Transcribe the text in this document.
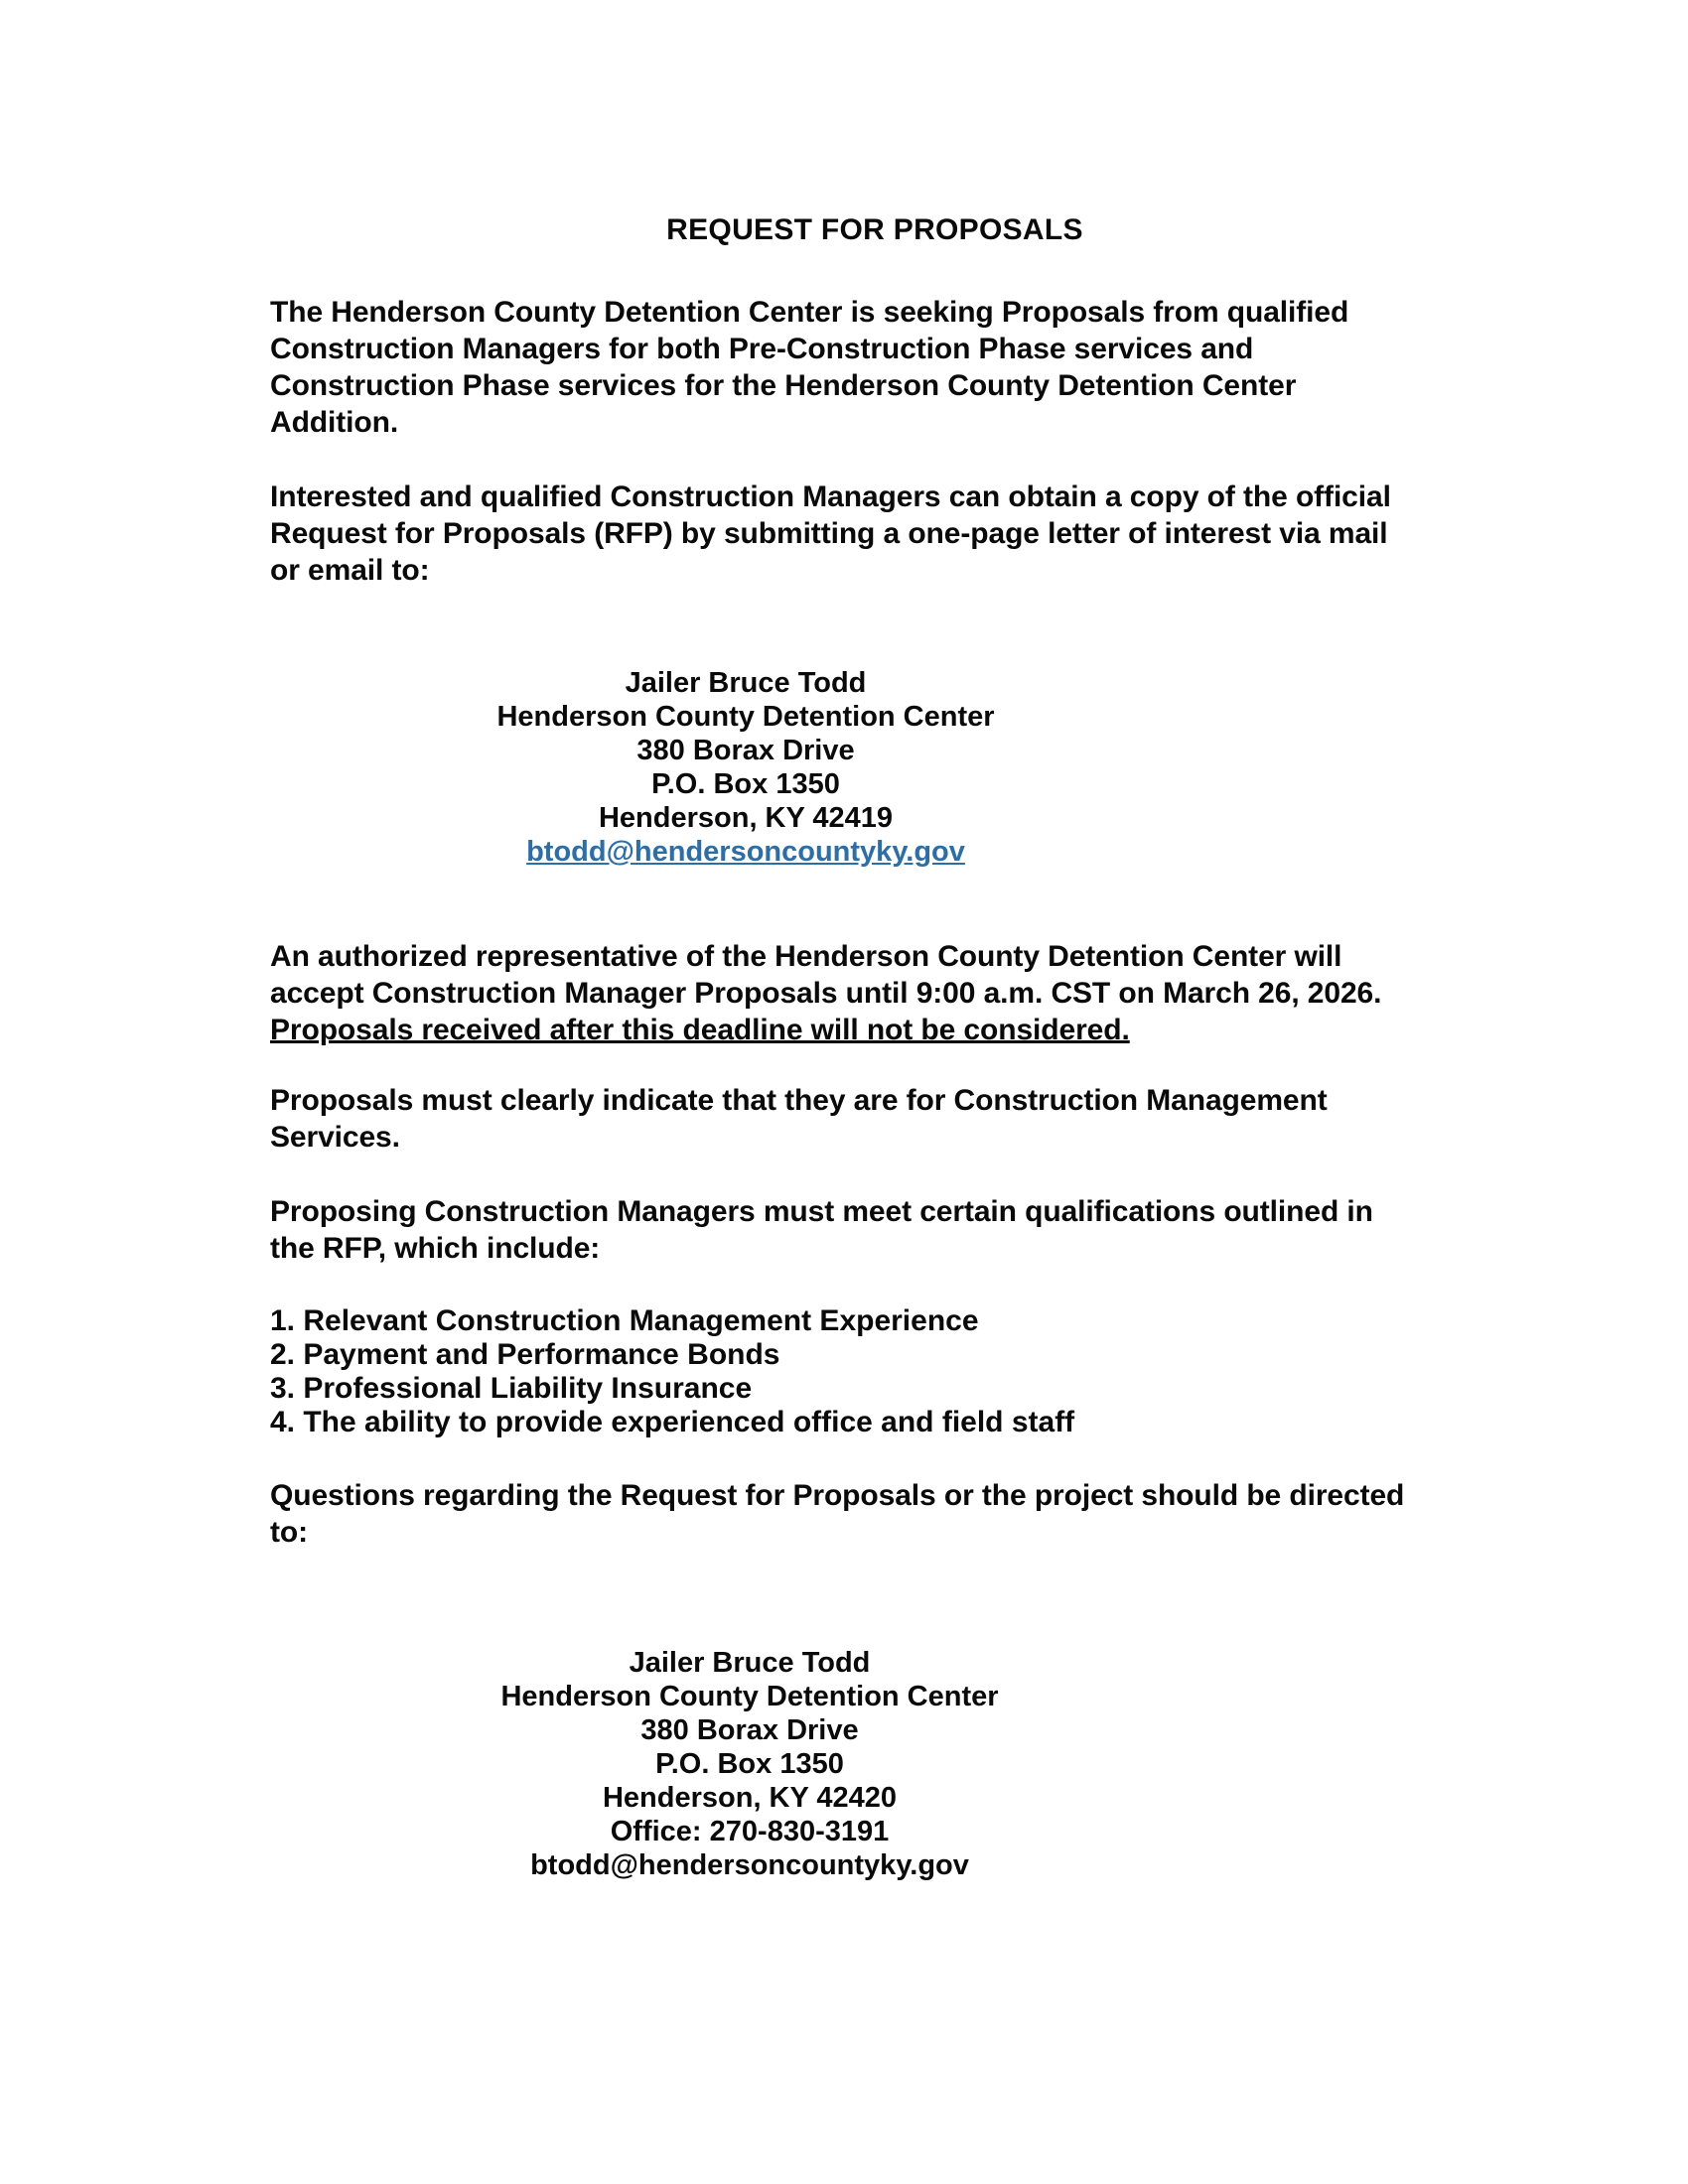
REQUEST FOR PROPOSALS

The Henderson County Detention Center is seeking Proposals from qualified Construction Managers for both Pre-Construction Phase services and Construction Phase services for the Henderson County Detention Center Addition.

Interested and qualified Construction Managers can obtain a copy of the official Request for Proposals (RFP) by submitting a one-page letter of interest via mail or email to:

Jailer Bruce Todd
Henderson County Detention Center
380 Borax Drive
P.O. Box 1350
Henderson, KY 42419
btodd@hendersoncountyky.gov

An authorized representative of the Henderson County Detention Center will accept Construction Manager Proposals until 9:00 a.m. CST on March 26, 2026.
Proposals received after this deadline will not be considered.

Proposals must clearly indicate that they are for Construction Management Services.

Proposing Construction Managers must meet certain qualifications outlined in the RFP, which include:

1. Relevant Construction Management Experience
2. Payment and Performance Bonds
3. Professional Liability Insurance
4. The ability to provide experienced office and field staff

Questions regarding the Request for Proposals or the project should be directed to:

Jailer Bruce Todd
Henderson County Detention Center
380 Borax Drive
P.O. Box 1350
Henderson, KY 42420
Office: 270-830-3191
btodd@hendersoncountyky.gov
